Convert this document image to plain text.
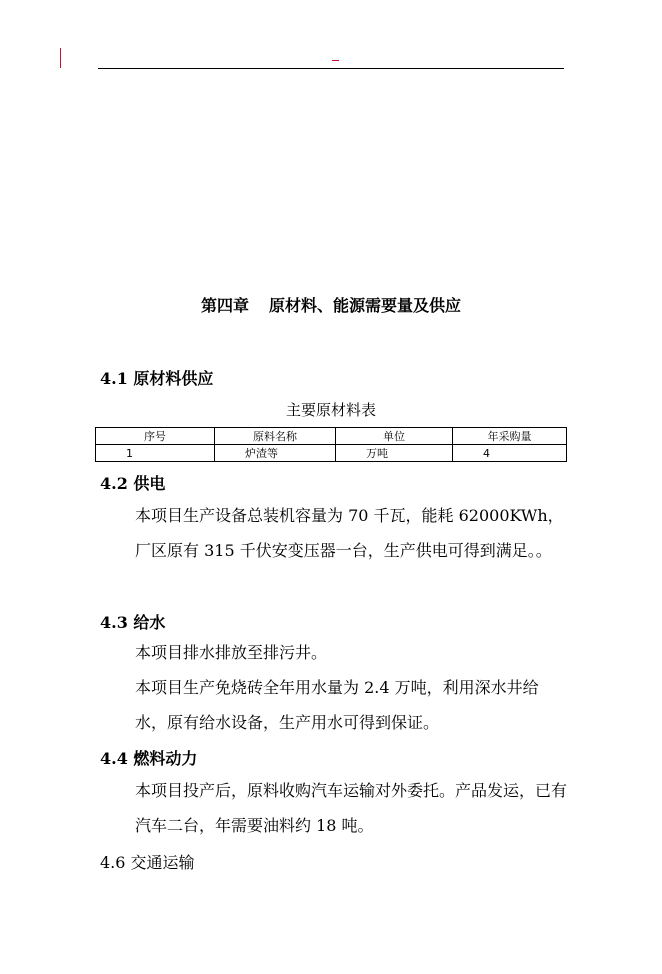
第四章 原材料、能源需要量及供应
4.1 原材料供应
主要原材料表
序号	原料名称	单位	年采购量
1	炉渣等	万吨	4
4.2 供电

本项目生产设备总装机容量为 70 千瓦，能耗 62000KWh，厂区原有 315 千伏安变压器一台，生产供电可得到满足。。

4.3 给水

本项目排水排放至排污井。

本项目生产免烧砖全年用水量为 2.4 万吨，利用深水井给水，原有给水设备，生产用水可得到保证。

4.4 燃料动力

本项目投产后，原料收购汽车运输对外委托。产品发运，已有汽车二台，年需要油料约 18 吨。

4.6 交通运输
